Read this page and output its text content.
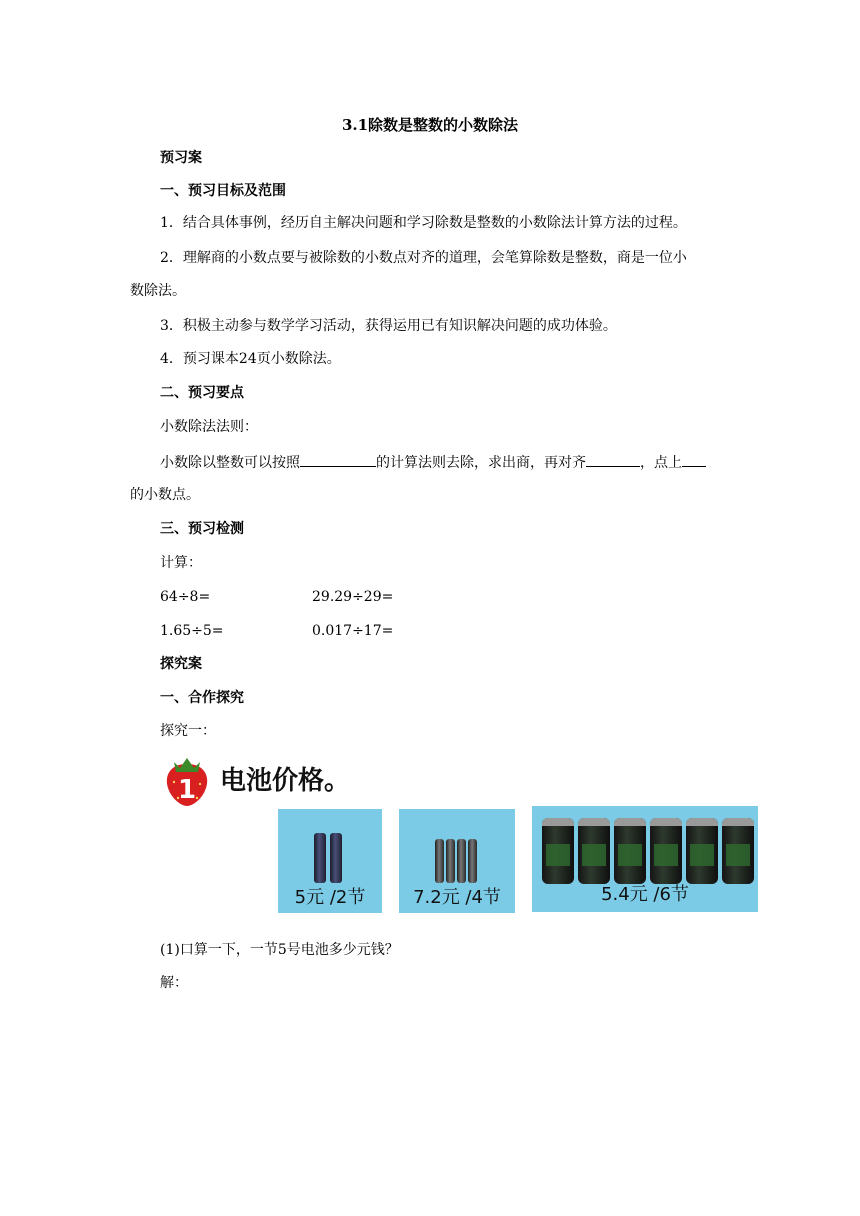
3.1除数是整数的小数除法
预习案
一、预习目标及范围
1．结合具体事例，经历自主解决问题和学习除数是整数的小数除法计算方法的过程。
2．理解商的小数点要与被除数的小数点对齐的道理，会笔算除数是整数，商是一位小
数除法。
3．积极主动参与数学学习活动，获得运用已有知识解决问题的成功体验。
4．预习课本24页小数除法。
二、预习要点
小数除法法则：
小数除以整数可以按照	的计算法则去除，求出商，再对齐	，点上
的小数点。
三、预习检测
计算：
64÷8=	29.29÷29=
1.65÷5=	0.017÷17=
探究案
一、合作探究
探究一：
1 电池价格。
5元 /2节	7.2元 /4节	5.4元 /6节
(1)口算一下，一节5号电池多少元钱？
解：
